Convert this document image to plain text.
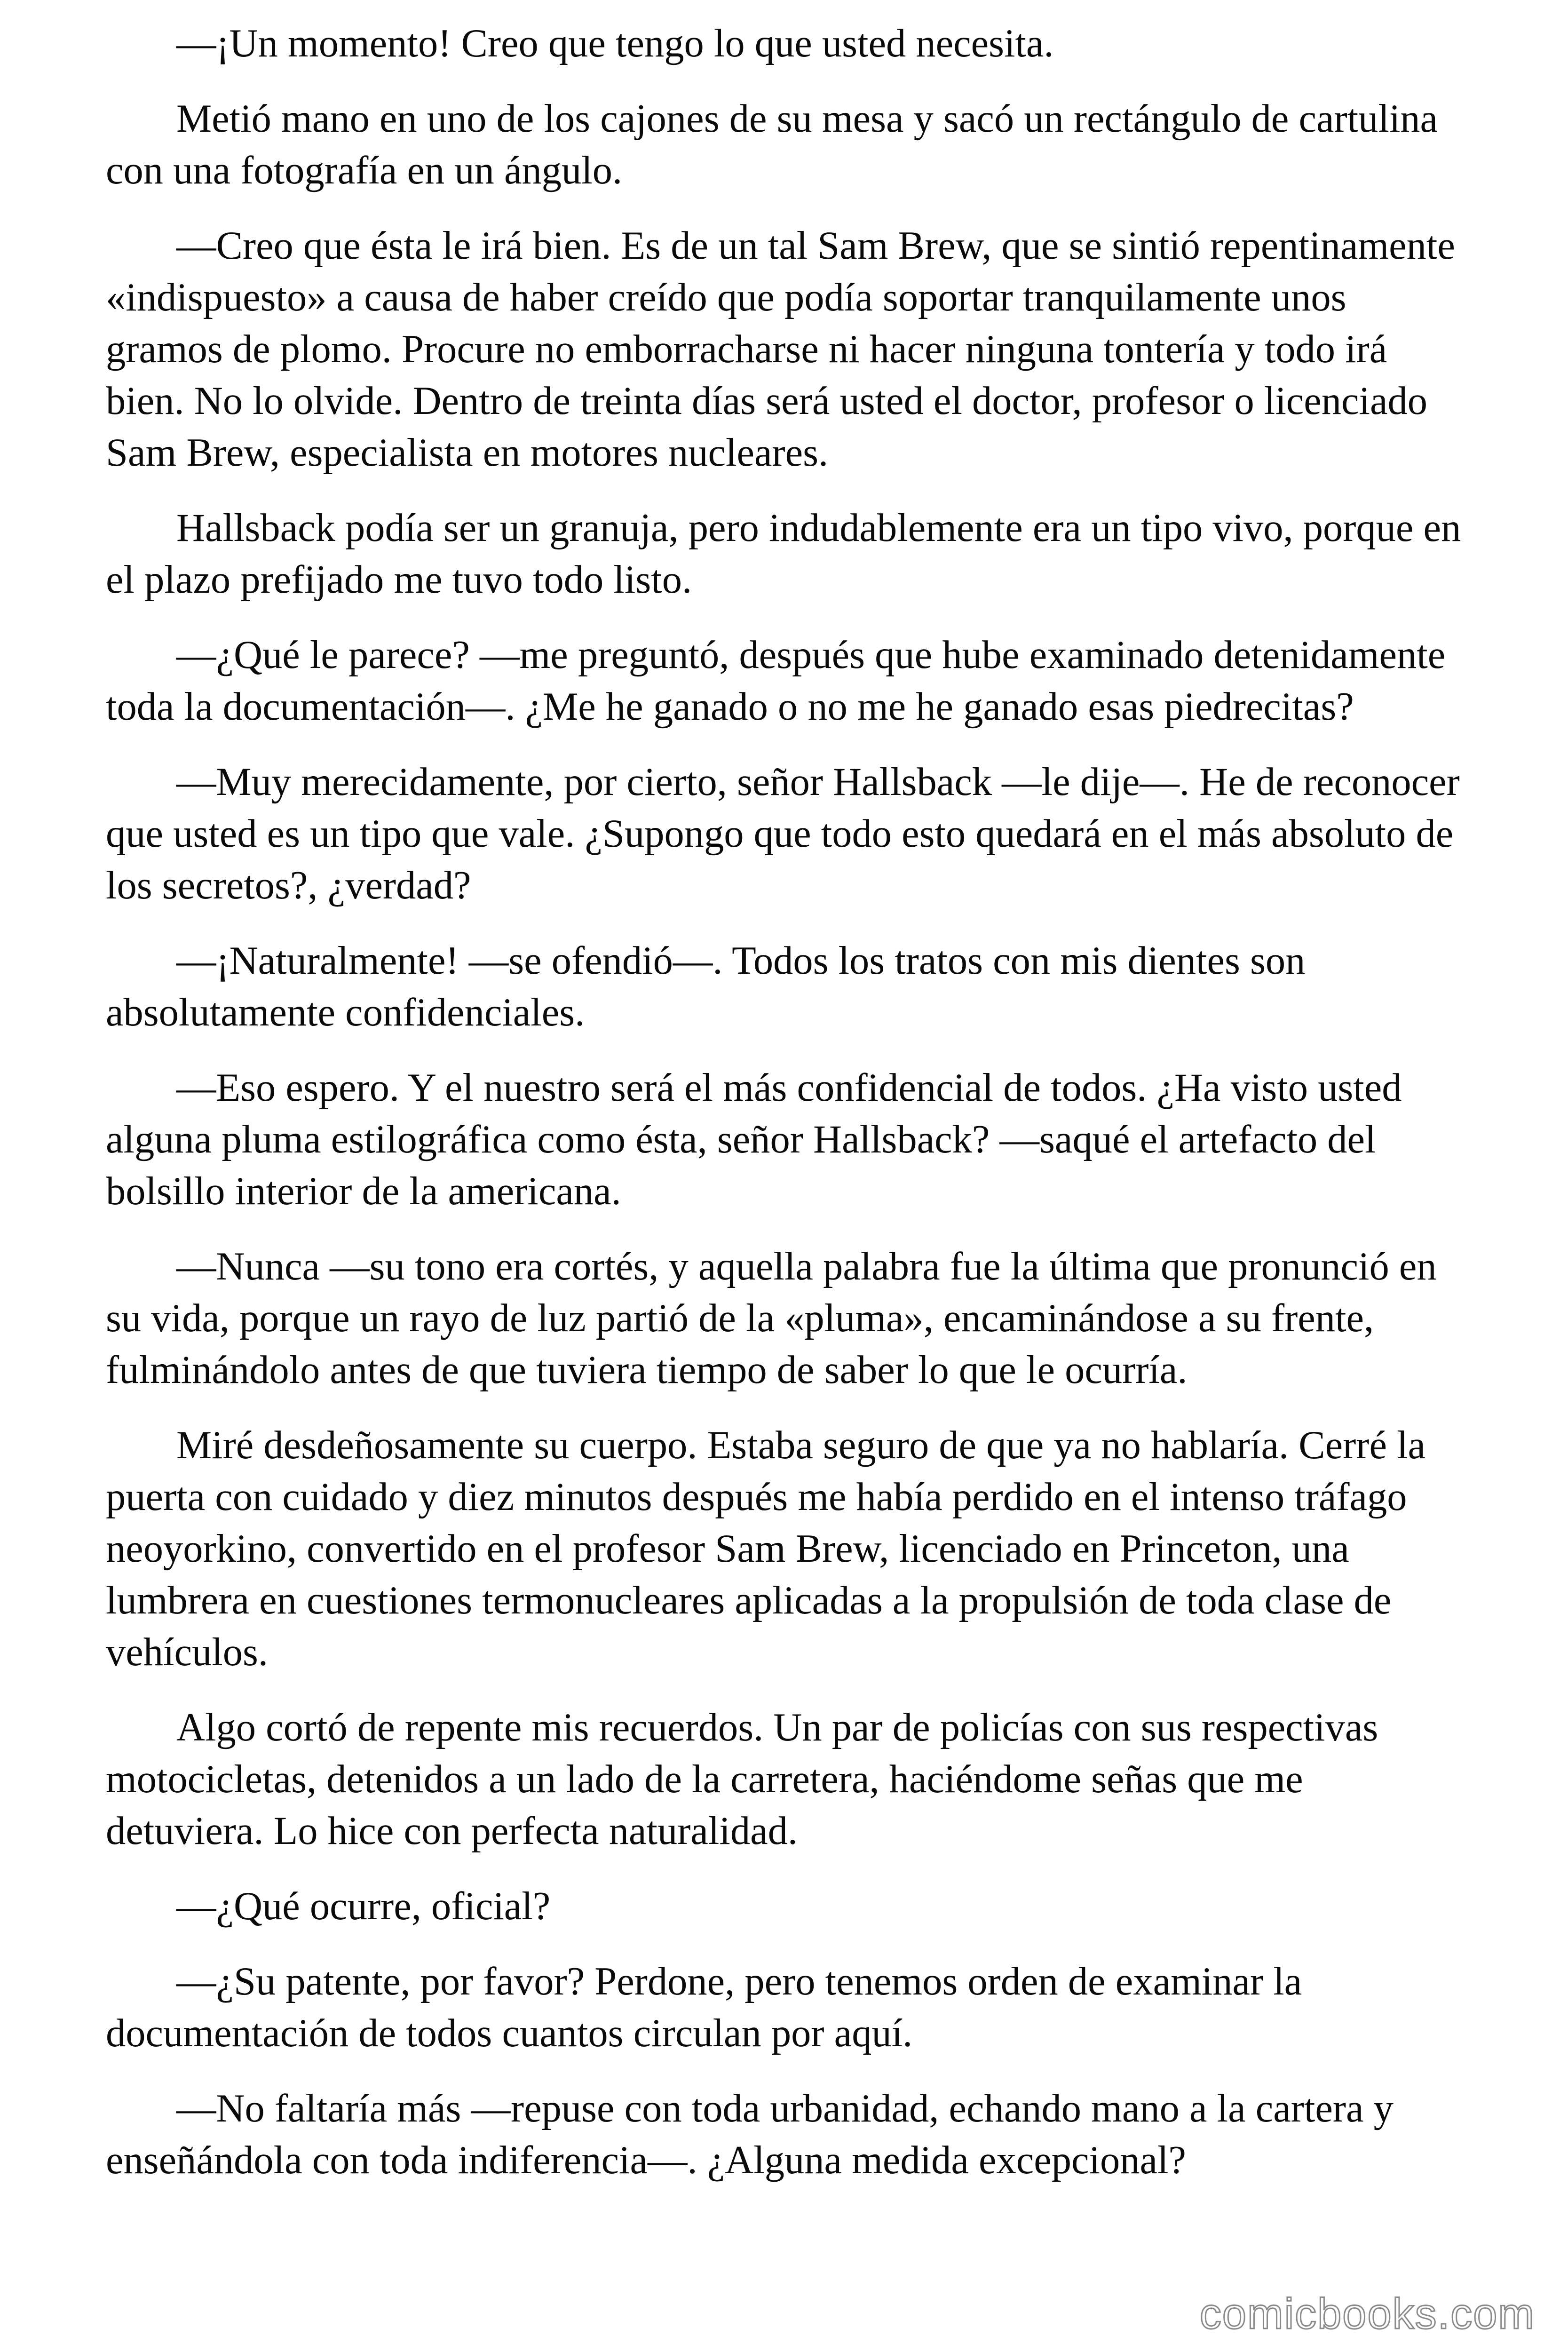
—¡Un momento! Creo que tengo lo que usted necesita.

Metió mano en uno de los cajones de su mesa y sacó un rectángulo de cartulina con una fotografía en un ángulo.

—Creo que ésta le irá bien. Es de un tal Sam Brew, que se sintió repentinamente «indispuesto» a causa de haber creído que podía soportar tranquilamente unos gramos de plomo. Procure no emborracharse ni hacer ninguna tontería y todo irá bien. No lo olvide. Dentro de treinta días será usted el doctor, profesor o licenciado Sam Brew, especialista en motores nucleares.

Hallsback podía ser un granuja, pero indudablemente era un tipo vivo, porque en el plazo prefijado me tuvo todo listo.

—¿Qué le parece? —me preguntó, después que hube examinado detenidamente toda la documentación—. ¿Me he ganado o no me he ganado esas piedrecitas?

—Muy merecidamente, por cierto, señor Hallsback —le dije—. He de reconocer que usted es un tipo que vale. ¿Supongo que todo esto quedará en el más absoluto de los secretos?, ¿verdad?

—¡Naturalmente! —se ofendió—. Todos los tratos con mis dientes son absolutamente confidenciales.

—Eso espero. Y el nuestro será el más confidencial de todos. ¿Ha visto usted alguna pluma estilográfica como ésta, señor Hallsback? —saqué el artefacto del bolsillo interior de la americana.

—Nunca —su tono era cortés, y aquella palabra fue la última que pronunció en su vida, porque un rayo de luz partió de la «pluma», encaminándose a su frente, fulminándolo antes de que tuviera tiempo de saber lo que le ocurría.

Miré desdeñosamente su cuerpo. Estaba seguro de que ya no hablaría. Cerré la puerta con cuidado y diez minutos después me había perdido en el intenso tráfago neoyorkino, convertido en el profesor Sam Brew, licenciado en Princeton, una lumbrera en cuestiones termonucleares aplicadas a la propulsión de toda clase de vehículos.

Algo cortó de repente mis recuerdos. Un par de policías con sus respectivas motocicletas, detenidos a un lado de la carretera, haciéndome señas que me detuviera. Lo hice con perfecta naturalidad.

—¿Qué ocurre, oficial?

—¿Su patente, por favor? Perdone, pero tenemos orden de examinar la documentación de todos cuantos circulan por aquí.

—No faltaría más —repuse con toda urbanidad, echando mano a la cartera y enseñándola con toda indiferencia—. ¿Alguna medida excepcional?

comicbooks.com
